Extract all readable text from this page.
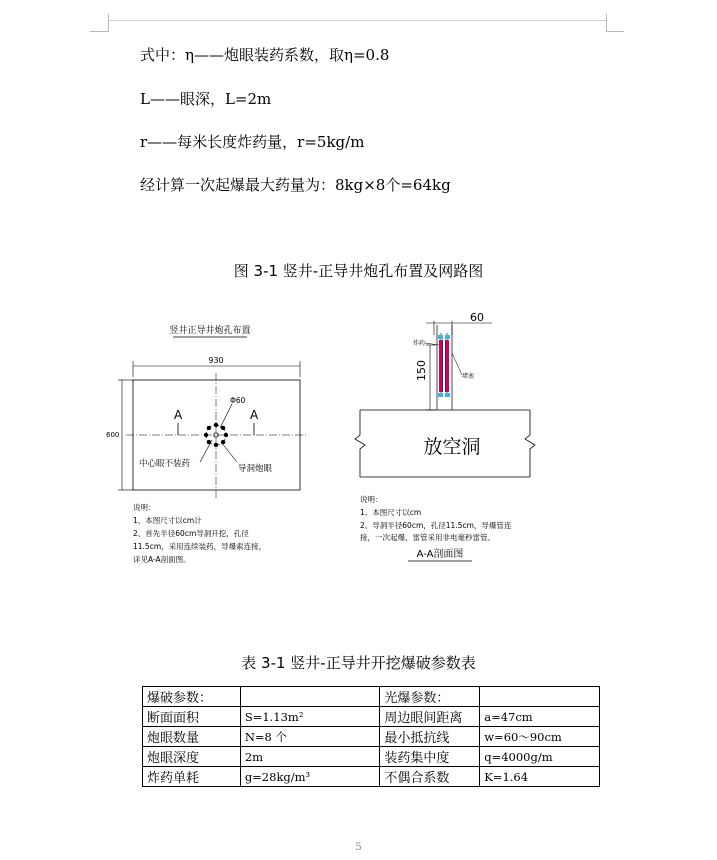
式中：η——炮眼装药系数，取η=0.8
L——眼深，L=2m
r——每米长度炸药量，r=5kg/m
经计算一次起爆最大药量为：8kg×8个=64kg
图 3-1 竖井-正导井炮孔布置及网路图
竖井正导井炮孔布置
930
600
A	A
Φ60
中心眼不装药	导洞炮眼
说明： 1、本图尺寸以cm计 2、首先半径60cm导洞开挖，孔径 11.5cm，采用连续装药，导爆索连接， 详见A-A剖面图。
60
150
炸药
堵塞
放空洞
说明： 1、本图尺寸以cm 2、导洞半径60cm，孔径11.5cm，导爆管连 接，一次起爆，雷管采用非电毫秒雷管。
A-A剖面图
表 3-1 竖井-正导井开挖爆破参数表
爆破参数：		光爆参数：	
断面面积	S=1.13m²	周边眼间距离	a=47cm
炮眼数量	N=8 个	最小抵抗线	w=60～90cm
炮眼深度	2m	装药集中度	q=4000g/m
炸药单耗	g=28kg/m³	不偶合系数	K=1.64
5
